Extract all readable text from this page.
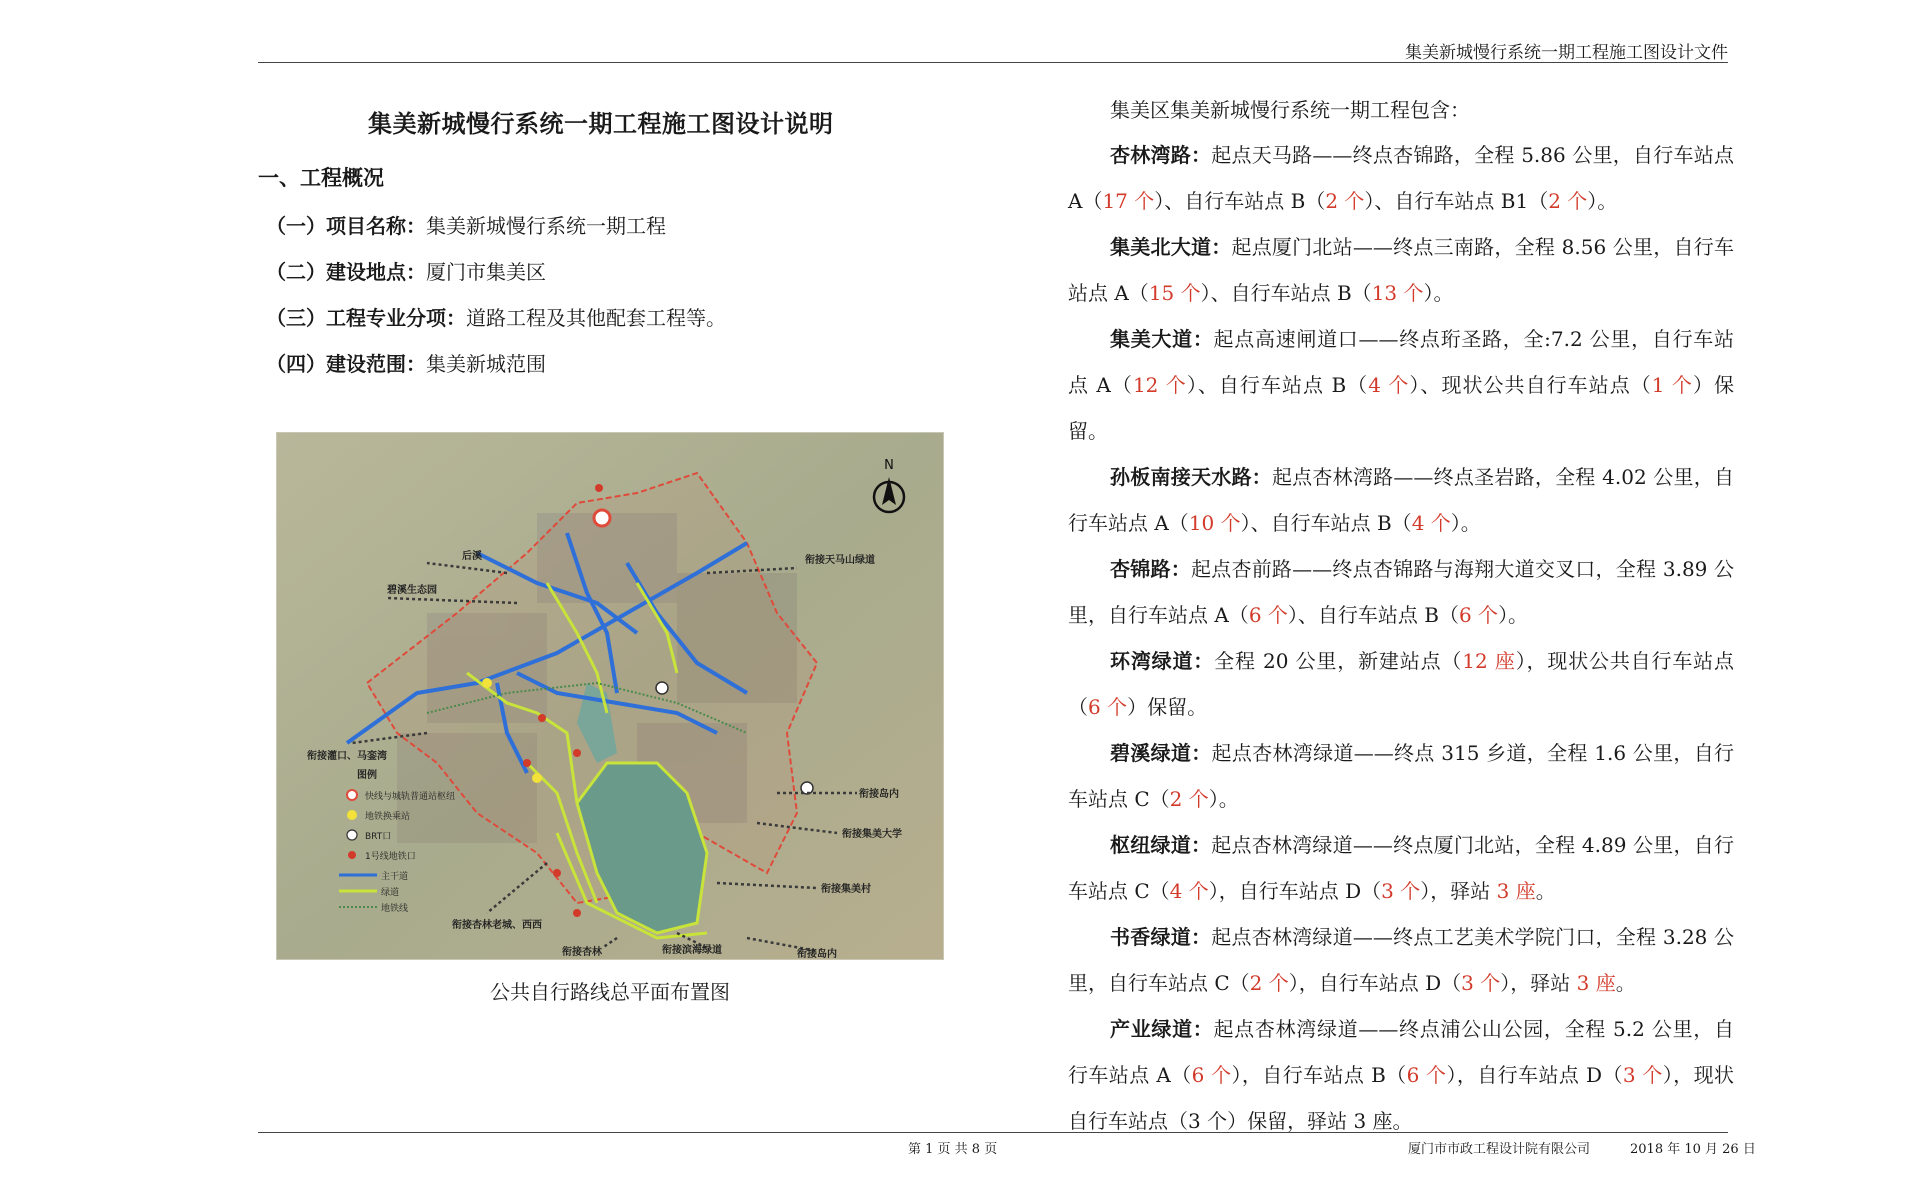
集美新城慢行系统一期工程施工图设计文件
集美新城慢行系统一期工程施工图设计说明
一、工程概况
（一）项目名称：集美新城慢行系统一期工程
（二）建设地点：厦门市集美区
（三）工程专业分项：道路工程及其他配套工程等。
（四）建设范围：集美新城范围
N
后溪
碧溪生态园
衔接天马山绿道
衔接灌口、马銮湾
衔接岛内
衔接集美大学
衔接集美村
衔接杏林老城、西西
衔接杏林	衔接滨海绿道	衔接岛内
图例
快线与城轨普通站枢纽
地铁换乘站
BRT口
1号线地铁口
主干道
绿道
地铁线
公共自行路线总平面布置图
集美区集美新城慢行系统一期工程包含：

杏林湾路：起点天马路——终点杏锦路，全程 5.86 公里，自行车站点 A（17 个）、自行车站点 B（2 个）、自行车站点 B1（2 个）。

集美北大道：起点厦门北站——终点三南路，全程 8.56 公里，自行车站点 A（15 个）、自行车站点 B（13 个）。

集美大道：起点高速闸道口——终点珩圣路，全:7.2 公里，自行车站点 A（12 个）、自行车站点 B（4 个）、现状公共自行车站点（1 个）保留。

孙板南接天水路：起点杏林湾路——终点圣岩路，全程 4.02 公里，自行车站点 A（10 个）、自行车站点 B（4 个）。

杏锦路：起点杏前路——终点杏锦路与海翔大道交叉口，全程 3.89 公里，自行车站点 A（6 个）、自行车站点 B（6 个）。

环湾绿道：全程 20 公里，新建站点（12 座），现状公共自行车站点（6 个）保留。

碧溪绿道：起点杏林湾绿道——终点 315 乡道，全程 1.6 公里，自行车站点 C（2 个）。

枢纽绿道：起点杏林湾绿道——终点厦门北站，全程 4.89 公里，自行车站点 C（4 个），自行车站点 D（3 个），驿站 3 座。

书香绿道：起点杏林湾绿道——终点工艺美术学院门口，全程 3.28 公里，自行车站点 C（2 个），自行车站点 D（3 个），驿站 3 座。

产业绿道：起点杏林湾绿道——终点浦公山公园，全程 5.2 公里，自行车站点 A（6 个），自行车站点 B（6 个），自行车站点 D（3 个），现状自行车站点（3 个）保留，驿站 3 座。

第 1 页 共 8 页	厦门市市政工程设计院有限公司	2018 年 10 月 26 日
